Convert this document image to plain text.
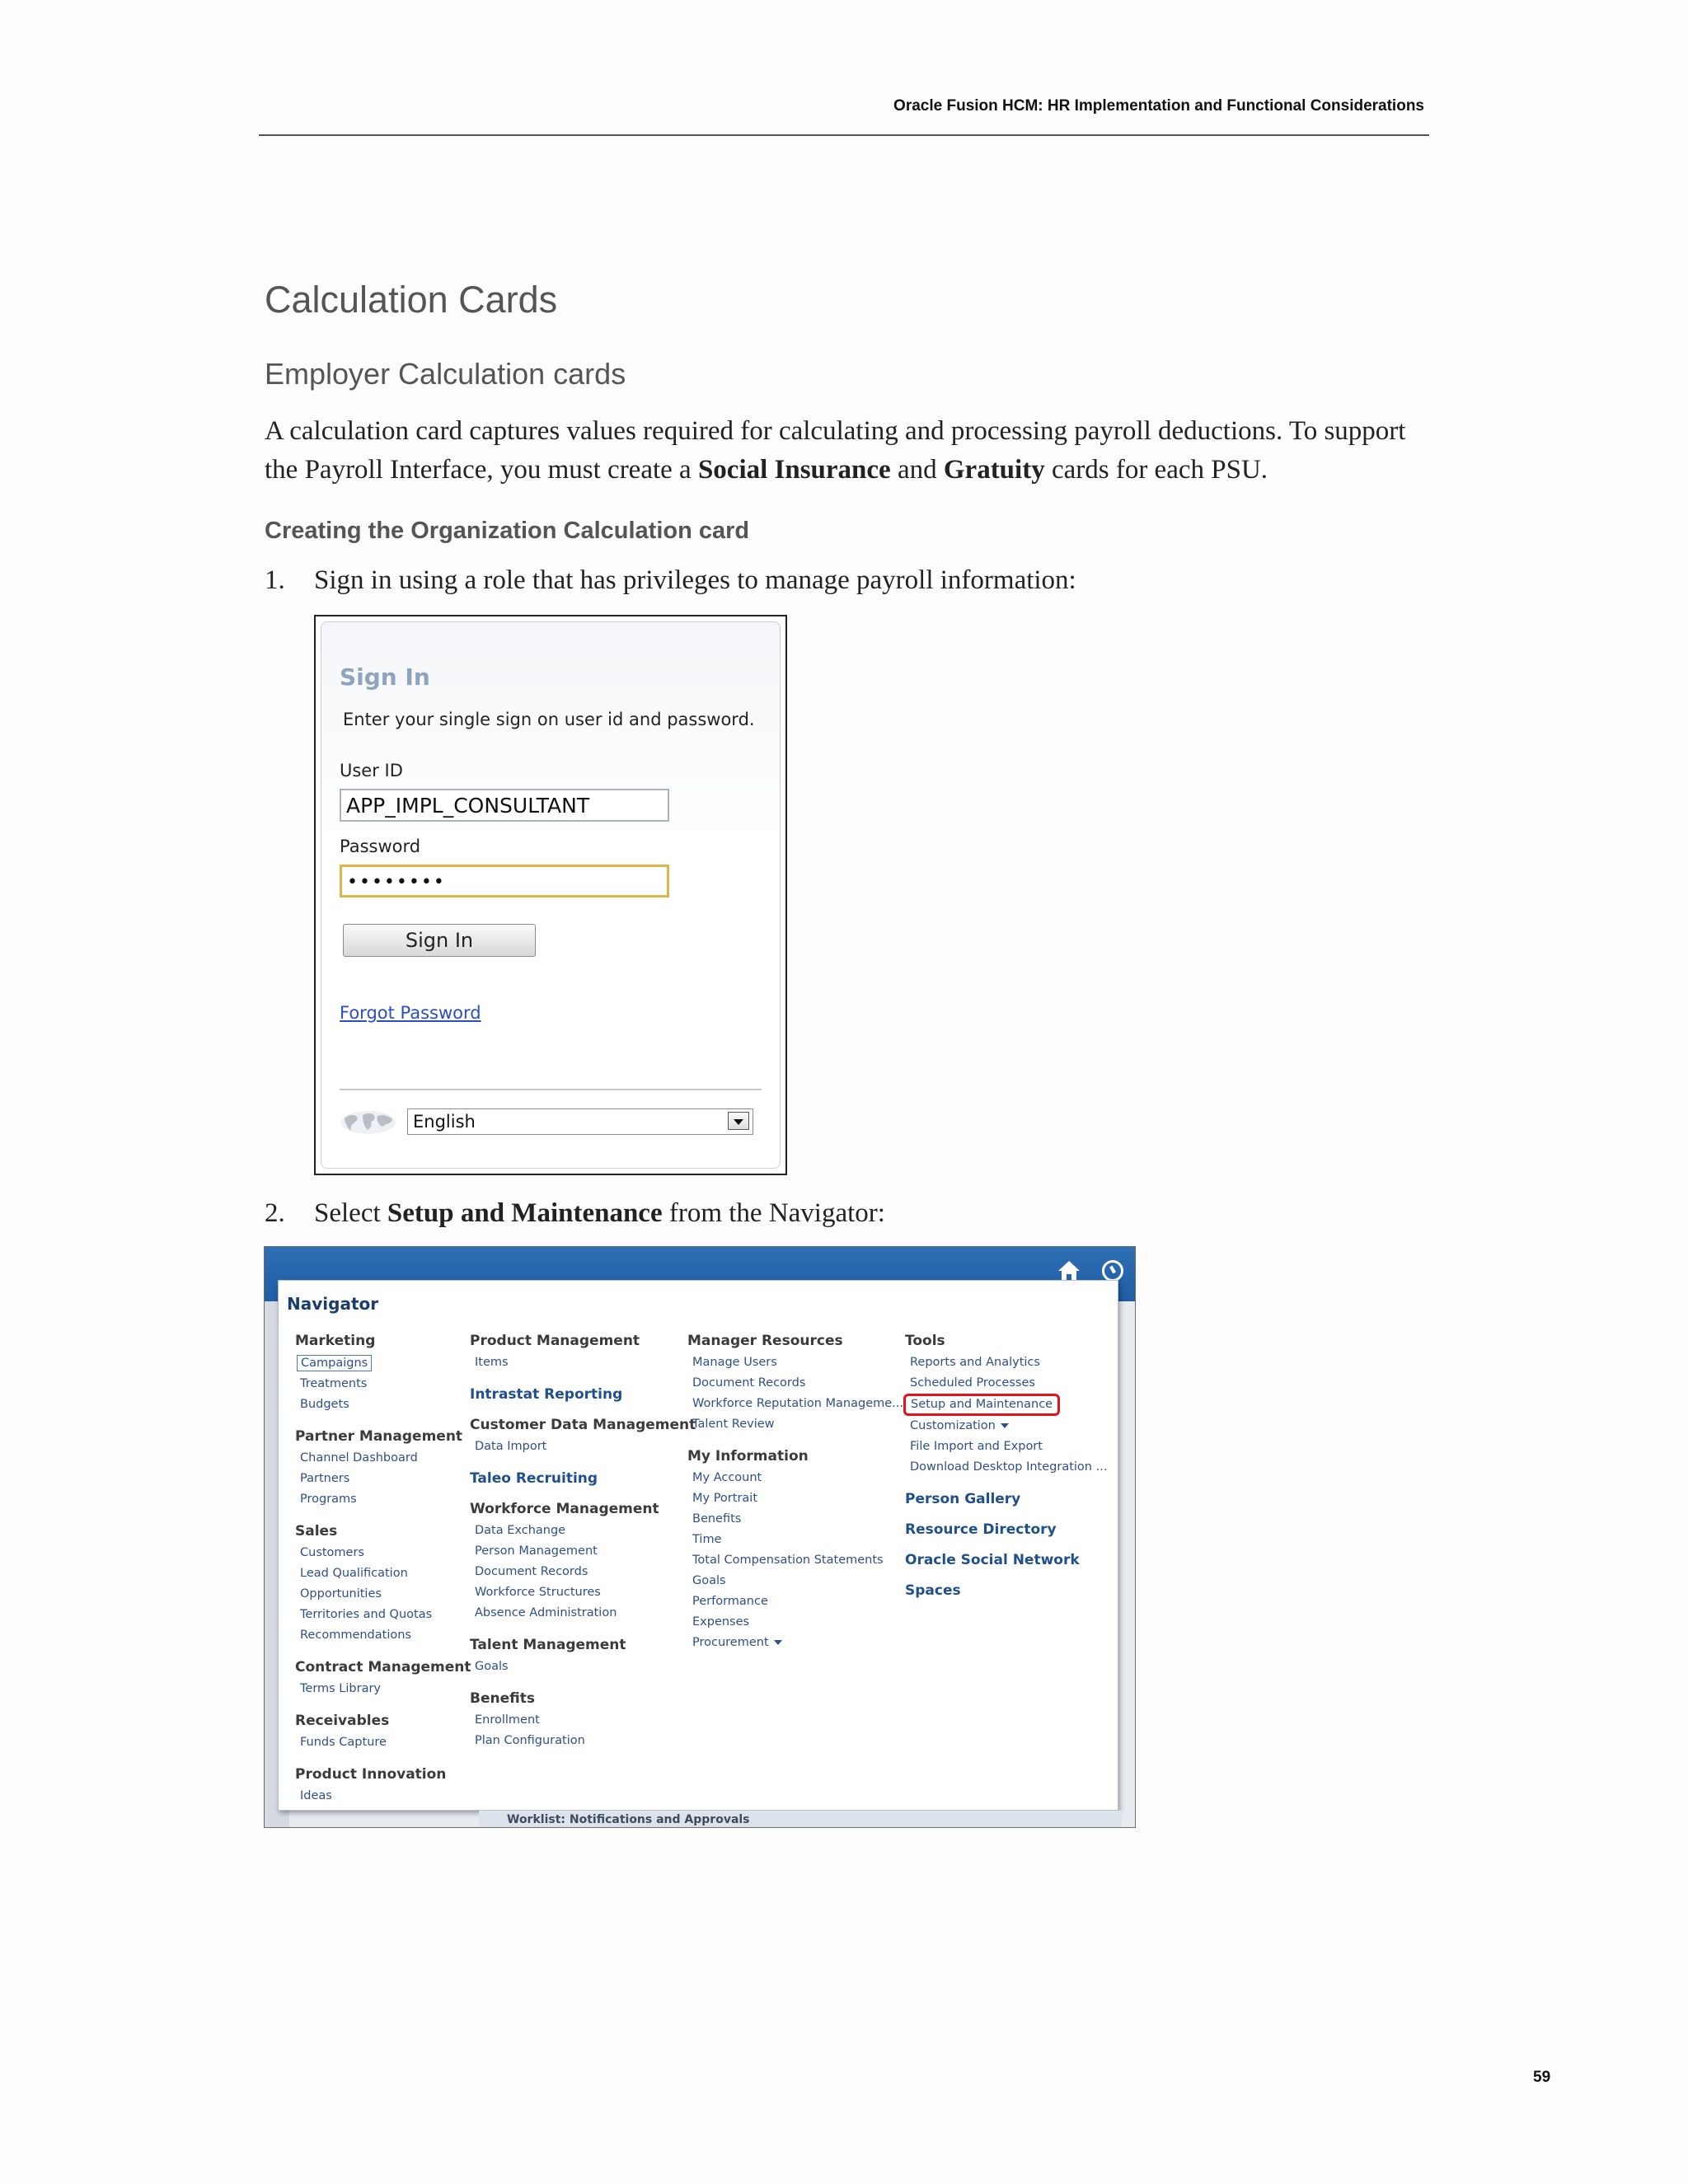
Oracle Fusion HCM: HR Implementation and Functional Considerations
Calculation Cards
Employer Calculation cards
A calculation card captures values required for calculating and processing payroll deductions. To support the Payroll Interface, you must create a Social Insurance and Gratuity cards for each PSU.
Creating the Organization Calculation card
1. Sign in using a role that has privileges to manage payroll information:
Sign In
Enter your single sign on user id and password.
User ID
APP_IMPL_CONSULTANT
Password
••••••••
Sign In
Forgot Password
English
2. Select Setup and Maintenance from the Navigator:
Navigator
Marketing
Campaigns
Treatments
Budgets
Partner Management
Channel Dashboard
Partners
Programs
Sales
Customers
Lead Qualification
Opportunities
Territories and Quotas
Recommendations
Contract Management
Terms Library
Receivables
Funds Capture
Product Innovation
Ideas
Product Management
Items
Intrastat Reporting
Customer Data Management
Data Import
Taleo Recruiting
Workforce Management
Data Exchange
Person Management
Document Records
Workforce Structures
Absence Administration
Talent Management
Goals
Benefits
Enrollment
Plan Configuration
Manager Resources
Manage Users
Document Records
Workforce Reputation Manageme...
Talent Review
My Information
My Account
My Portrait
Benefits
Time
Total Compensation Statements
Goals
Performance
Expenses
Procurement
Tools
Reports and Analytics
Scheduled Processes
Setup and Maintenance
Customization
File Import and Export
Download Desktop Integration ...
Person Gallery
Resource Directory
Oracle Social Network
Spaces
Worklist: Notifications and Approvals
59
